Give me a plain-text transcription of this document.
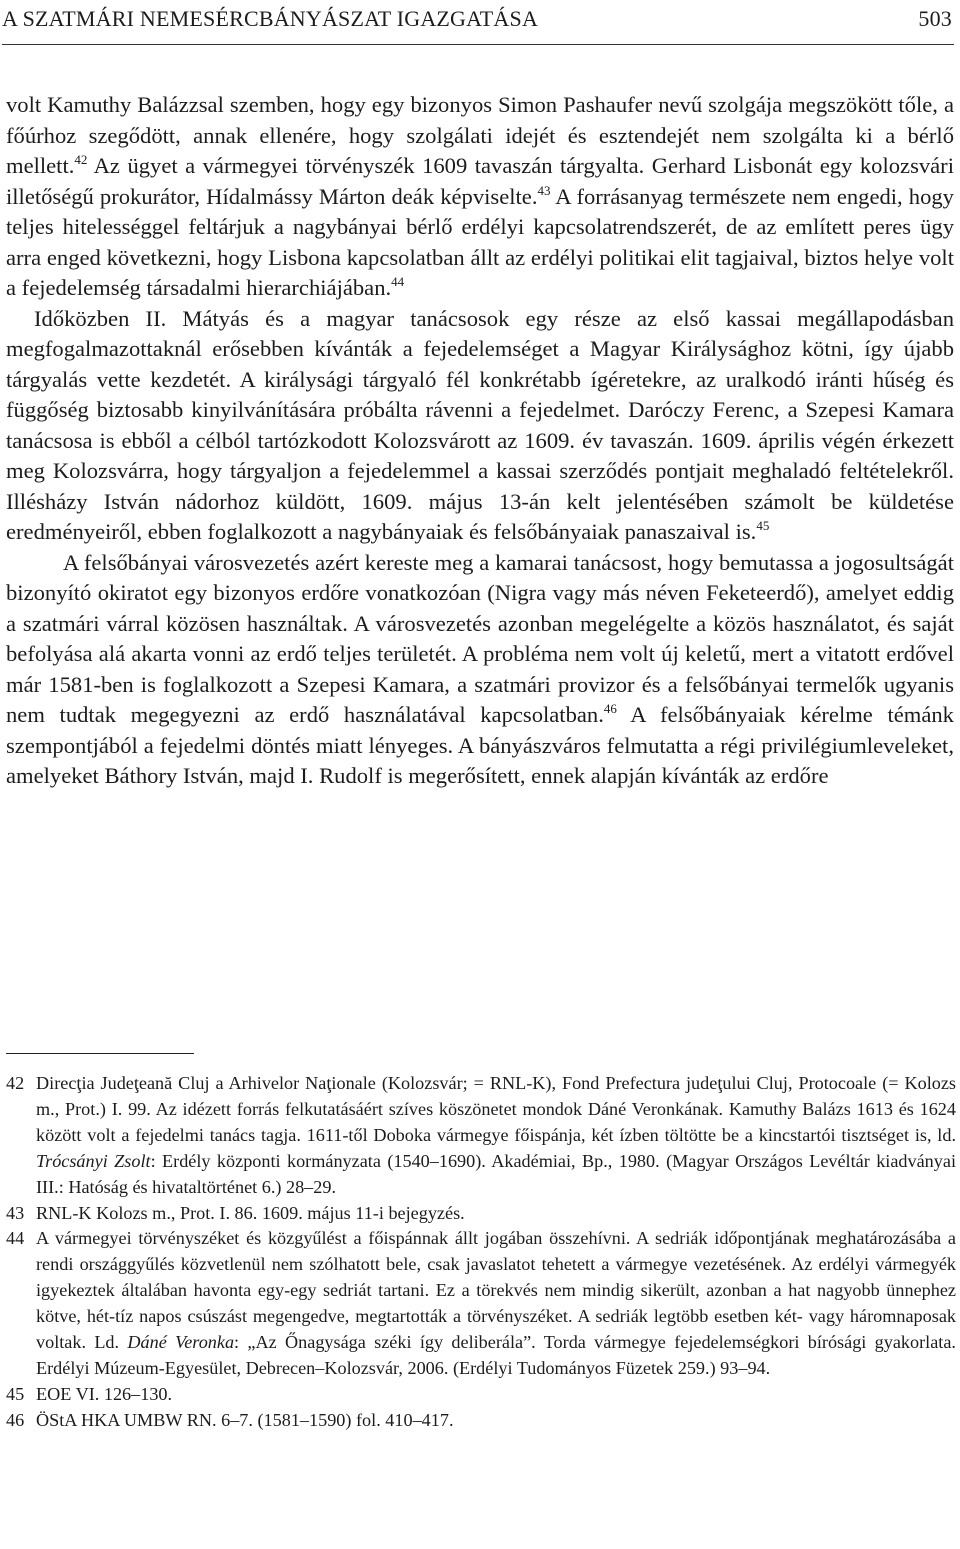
A SZATMÁRI NEMESÉRCBÁNYÁSZAT IGAZGATÁSA	503

volt Kamuthy Balázzsal szemben, hogy egy bizonyos Simon Pashaufer nevű szolgája megszökött tőle, a főúrhoz szegődött, annak ellenére, hogy szolgálati idejét és esztendejét nem szolgálta ki a bérlő mellett.$^{42}$ Az ügyet a vármegyei törvényszék 1609 tavaszán tárgyalta. Gerhard Lisbonát egy kolozsvári illetőségű prokurátor, Hídalmássy Márton deák képviselte.$^{43}$ A forrásanyag természete nem engedi, hogy teljes hitelességgel feltárjuk a nagybányai bérlő erdélyi kapcsolatrendszerét, de az említett peres ügy arra enged következni, hogy Lisbona kapcsolatban állt az erdélyi politikai elit tagjaival, biztos helye volt a fejedelemség társadalmi hierarchiájában.$^{44}$

Időközben II. Mátyás és a magyar tanácsosok egy része az első kassai megállapodásban megfogalmazottaknál erősebben kívánták a fejedelemséget a Magyar Királysághoz kötni, így újabb tárgyalás vette kezdetét. A királysági tárgyaló fél konkrétabb ígéretekre, az uralkodó iránti hűség és függőség biztosabb kinyilvánítására próbálta rávenni a fejedelmet. Daróczy Ferenc, a Szepesi Kamara tanácsosa is ebből a célból tartózkodott Kolozsvárott az 1609. év tavaszán. 1609. április végén érkezett meg Kolozsvárra, hogy tárgyaljon a fejedelemmel a kassai szerződés pontjait meghaladó feltételekről. Illésházy István nádorhoz küldött, 1609. május 13-án kelt jelentésében számolt be küldetése eredményeiről, ebben foglalkozott a nagybányaiak és felsőbányaiak panaszaival is.$^{45}$

A felsőbányai városvezetés azért kereste meg a kamarai tanácsost, hogy bemutassa a jogosultságát bizonyító okiratot egy bizonyos erdőre vonatkozóan (Nigra vagy más néven Feketeerdő), amelyet eddig a szatmári várral közösen használtak. A városvezetés azonban megelégelte a közös használatot, és saját befolyása alá akarta vonni az erdő teljes területét. A probléma nem volt új keletű, mert a vitatott erdővel már 1581-ben is foglalkozott a Szepesi Kamara, a szatmári provizor és a felsőbányai termelők ugyanis nem tudtak megegyezni az erdő használatával kapcsolatban.$^{46}$ A felsőbányaiak kérelme témánk szempontjából a fejedelmi döntés miatt lényeges. A bányászváros felmutatta a régi privilégiumleveleket, amelyeket Báthory István, majd I. Rudolf is megerősített, ennek alapján kívánták az erdőre

42 Direcţia Judeţeană Cluj a Arhivelor Naţionale (Kolozsvár; = RNL-K), Fond Prefectura judeţului Cluj, Protocoale (= Kolozs m., Prot.) I. 99. Az idézett forrás felkutatásáért szíves köszönetet mondok Dáné Veronkának. Kamuthy Balázs 1613 és 1624 között volt a fejedelmi tanács tagja. 1611-től Doboka vármegye főispánja, két ízben töltötte be a kincstartói tisztséget is, ld. Trócsányi Zsolt: Erdély központi kormányzata (1540–1690). Akadémiai, Bp., 1980. (Magyar Országos Levéltár kiadványai III.: Hatóság és hivataltörténet 6.) 28–29.
43 RNL-K Kolozs m., Prot. I. 86. 1609. május 11-i bejegyzés.
44 A vármegyei törvényszéket és közgyűlést a főispánnak állt jogában összehívni. A sedriák időpontjának meghatározásába a rendi országgyűlés közvetlenül nem szólhatott bele, csak javaslatot tehetett a vármegye vezetésének. Az erdélyi vármegyék igyekeztek általában havonta egy-egy sedriát tartani. Ez a törekvés nem mindig sikerült, azonban a hat nagyobb ünnephez kötve, hét-tíz napos csúszást megengedve, megtartották a törvényszéket. A sedriák legtöbb esetben két- vagy háromnaposak voltak. Ld. Dáné Veronka: „Az Őnagysága széki így deliberála”. Torda vármegye fejedelemségkori bírósági gyakorlata. Erdélyi Múzeum-Egyesület, Debrecen–Kolozsvár, 2006. (Erdélyi Tudományos Füzetek 259.) 93–94.
45 EOE VI. 126–130.
46 ÖStA HKA UMBW RN. 6–7. (1581–1590) fol. 410–417.
